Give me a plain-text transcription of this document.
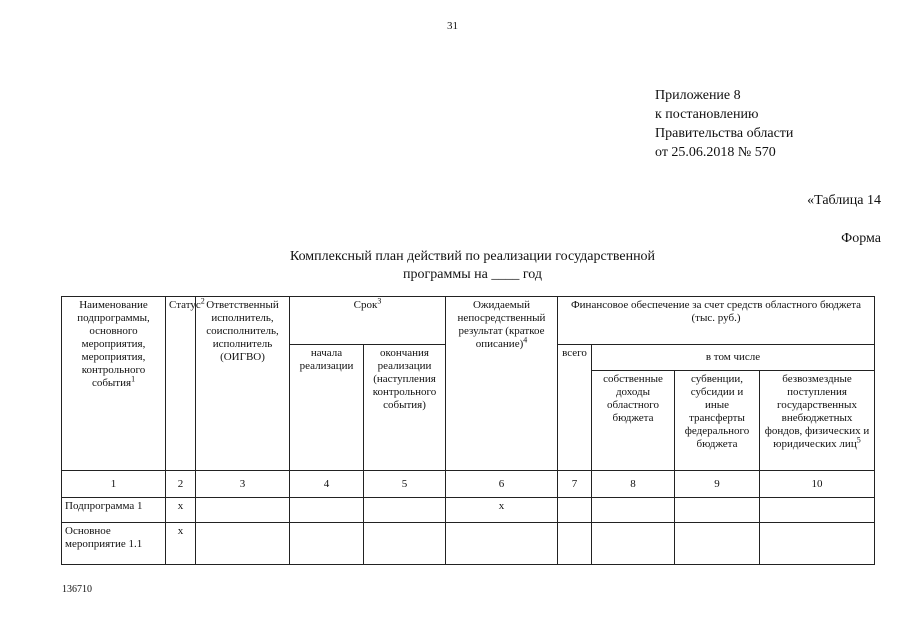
31
Приложение 8
к постановлению
Правительства области
от 25.06.2018 № 570
«Таблица 14
Форма
Комплексный план действий по реализации государственной
программы на ____ год
Наименование подпрограммы, основного мероприятия, мероприятия, контрольного события$^1$	Статус$^2$	Ответственный исполнитель, соисполнитель, исполнитель (ОИГВО)	Срок$^3$		Ожидаемый непосредственный результат (краткое описание)$^4$	Финансовое обеспечение за счет средств областного бюджета (тыс. руб.)			
			начала реализации	окончания реализации (наступления контрольного события)		всего	в том числе		
							собственные доходы областного бюджета	субвенции, субсидии и иные трансферты федерального бюджета	безвозмездные поступления государственных внебюджетных фондов, физических и юридических лиц$^5$
1	2	3	4	5	6	7	8	9	10
Подпрограмма 1	х				х				
Основное мероприятие 1.1	х								
136710
